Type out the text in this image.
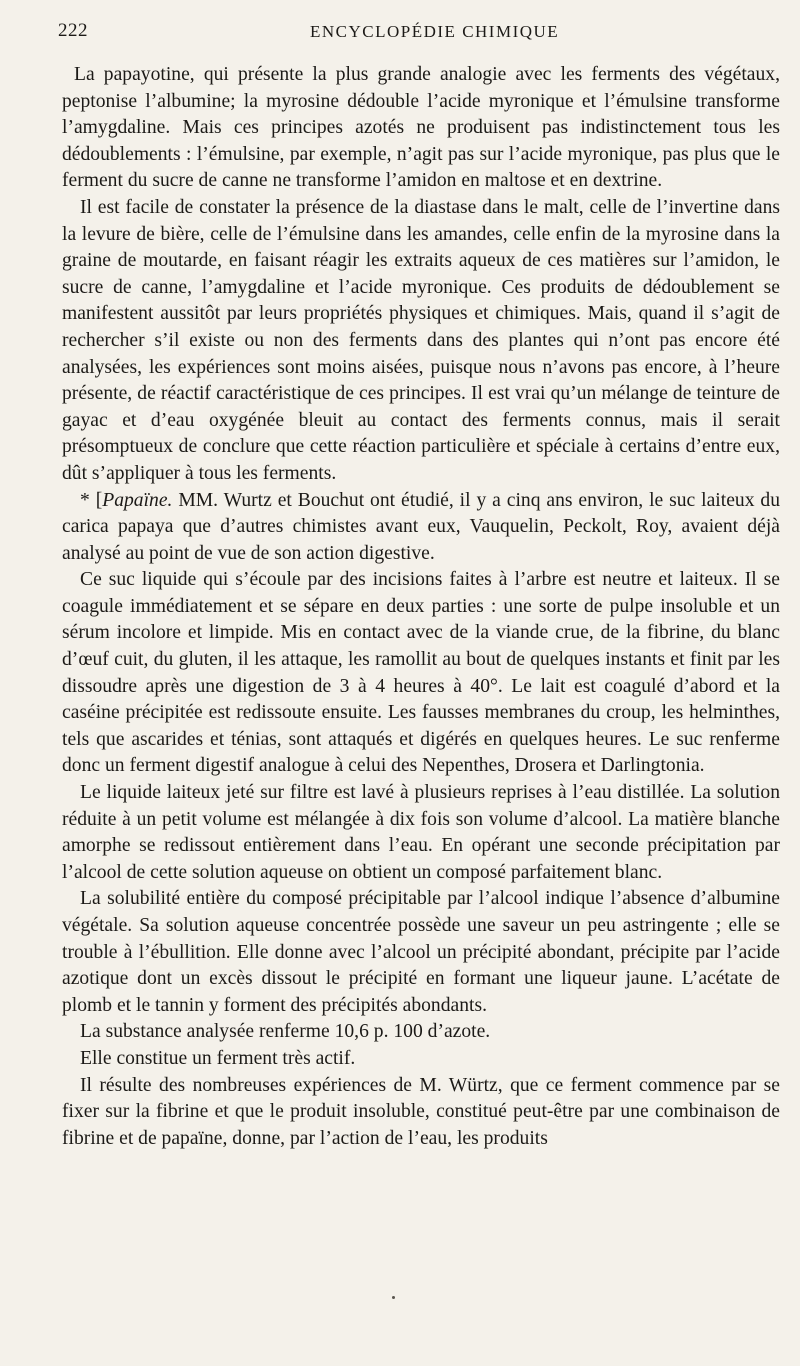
222	ENCYCLOPÉDIE CHIMIQUE

La papayotine, qui présente la plus grande analogie avec les ferments des végétaux, peptonise l’albumine; la myrosine dédouble l’acide myronique et l’émulsine transforme l’amygdaline. Mais ces principes azotés ne produisent pas indistinctement tous les dédoublements : l’émulsine, par exemple, n’agit pas sur l’acide myronique, pas plus que le ferment du sucre de canne ne transforme l’amidon en maltose et en dextrine.

Il est facile de constater la présence de la diastase dans le malt, celle de l’invertine dans la levure de bière, celle de l’émulsine dans les amandes, celle enfin de la myrosine dans la graine de moutarde, en faisant réagir les extraits aqueux de ces matières sur l’amidon, le sucre de canne, l’amygdaline et l’acide myronique. Ces produits de dédoublement se manifestent aussitôt par leurs propriétés physiques et chimiques. Mais, quand il s’agit de rechercher s’il existe ou non des ferments dans des plantes qui n’ont pas encore été analysées, les expériences sont moins aisées, puisque nous n’avons pas encore, à l’heure présente, de réactif caractéristique de ces principes. Il est vrai qu’un mélange de teinture de gayac et d’eau oxygénée bleuit au contact des ferments connus, mais il serait présomptueux de conclure que cette réaction particulière et spéciale à certains d’entre eux, dût s’appliquer à tous les ferments.

* [Papaïne. MM. Wurtz et Bouchut ont étudié, il y a cinq ans environ, le suc laiteux du carica papaya que d’autres chimistes avant eux, Vauquelin, Peckolt, Roy, avaient déjà analysé au point de vue de son action digestive.

Ce suc liquide qui s’écoule par des incisions faites à l’arbre est neutre et laiteux. Il se coagule immédiatement et se sépare en deux parties : une sorte de pulpe insoluble et un sérum incolore et limpide. Mis en contact avec de la viande crue, de la fibrine, du blanc d’œuf cuit, du gluten, il les attaque, les ramollit au bout de quelques instants et finit par les dissoudre après une digestion de 3 à 4 heures à 40°. Le lait est coagulé d’abord et la caséine précipitée est redissoute ensuite. Les fausses membranes du croup, les helminthes, tels que ascarides et ténias, sont attaqués et digérés en quelques heures. Le suc renferme donc un ferment digestif analogue à celui des Nepenthes, Drosera et Darlingtonia.

Le liquide laiteux jeté sur filtre est lavé à plusieurs reprises à l’eau distillée. La solution réduite à un petit volume est mélangée à dix fois son volume d’alcool. La matière blanche amorphe se redissout entièrement dans l’eau. En opérant une seconde précipitation par l’alcool de cette solution aqueuse on obtient un composé parfaitement blanc.

La solubilité entière du composé précipitable par l’alcool indique l’absence d’albumine végétale. Sa solution aqueuse concentrée possède une saveur un peu astringente ; elle se trouble à l’ébullition. Elle donne avec l’alcool un précipité abondant, précipite par l’acide azotique dont un excès dissout le précipité en formant une liqueur jaune. L’acétate de plomb et le tannin y forment des précipités abondants.

La substance analysée renferme 10,6 p. 100 d’azote.

Elle constitue un ferment très actif.

Il résulte des nombreuses expériences de M. Würtz, que ce ferment commence par se fixer sur la fibrine et que le produit insoluble, constitué peut-être par une combinaison de fibrine et de papaïne, donne, par l’action de l’eau, les produits
